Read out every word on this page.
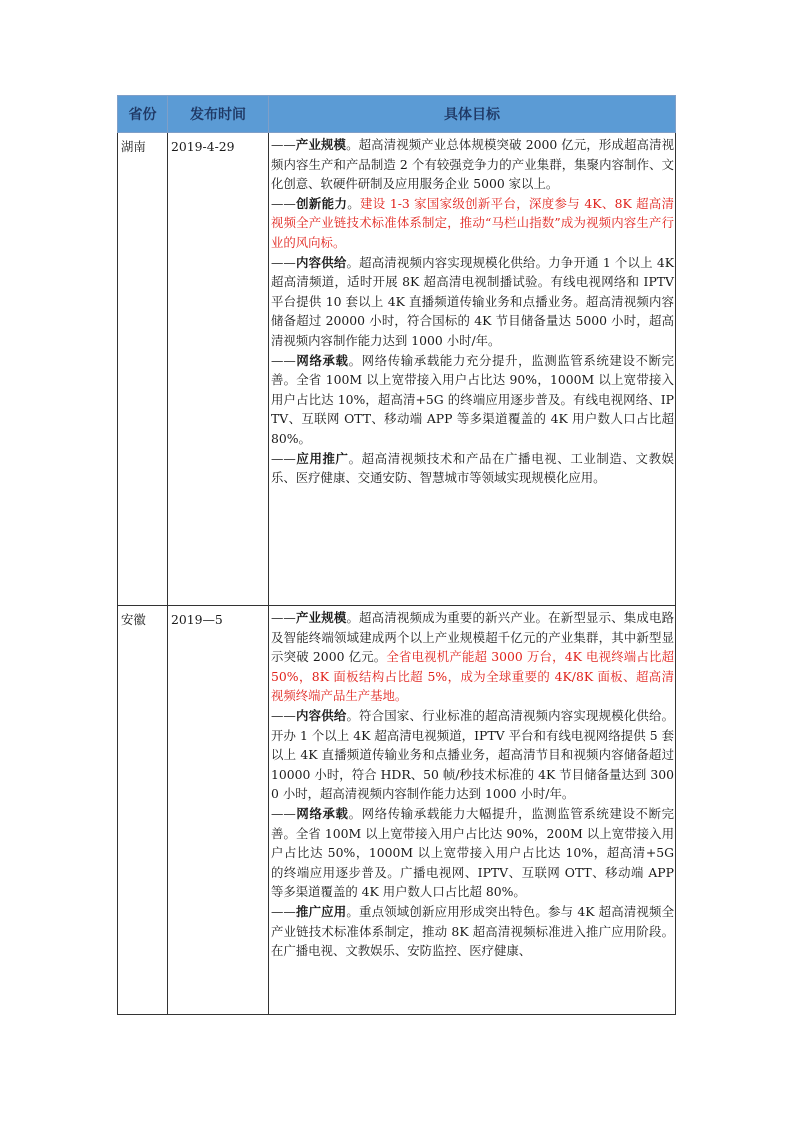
省份	发布时间	具体目标
湖南	2019-4-29	——产业规模。超高清视频产业总体规模突破 2000 亿元，形成超高清视频内容生产和产品制造 2 个有较强竞争力的产业集群，集聚内容制作、文化创意、软硬件研制及应用服务企业 5000 家以上。

——创新能力。建设 1-3 家国家级创新平台，深度参与 4K、8K 超高清视频全产业链技术标准体系制定，推动“马栏山指数”成为视频内容生产行业的风向标。

——内容供给。超高清视频内容实现规模化供给。力争开通 1 个以上 4K 超高清频道，适时开展 8K 超高清电视制播试验。有线电视网络和 IPTV 平台提供 10 套以上 4K 直播频道传输业务和点播业务。超高清视频内容储备超过 20000 小时，符合国标的 4K 节目储备量达 5000 小时，超高清视频内容制作能力达到 1000 小时/年。

——网络承载。网络传输承载能力充分提升，监测监管系统建设不断完善。全省 100M 以上宽带接入用户占比达 90%，1000M 以上宽带接入用户占比达 10%，超高清+5G 的终端应用逐步普及。有线电视网络、IPTV、互联网 OTT、移动端 APP 等多渠道覆盖的 4K 用户数人口占比超 80%。

——应用推广。超高清视频技术和产品在广播电视、工业制造、文教娱乐、医疗健康、交通安防、智慧城市等领域实现规模化应用。

安徽	2019—5	——产业规模。超高清视频成为重要的新兴产业。在新型显示、集成电路及智能终端领域建成两个以上产业规模超千亿元的产业集群，其中新型显示突破 2000 亿元。全省电视机产能超 3000 万台，4K 电视终端占比超 50%，8K 面板结构占比超 5%，成为全球重要的 4K/8K 面板、超高清视频终端产品生产基地。

——内容供给。符合国家、行业标准的超高清视频内容实现规模化供给。开办 1 个以上 4K 超高清电视频道，IPTV 平台和有线电视网络提供 5 套以上 4K 直播频道传输业务和点播业务，超高清节目和视频内容储备超过 10000 小时，符合 HDR、50 帧/秒技术标准的 4K 节目储备量达到 3000 小时，超高清视频内容制作能力达到 1000 小时/年。

——网络承载。网络传输承载能力大幅提升，监测监管系统建设不断完善。全省 100M 以上宽带接入用户占比达 90%，200M 以上宽带接入用户占比达 50%，1000M 以上宽带接入用户占比达 10%，超高清+5G 的终端应用逐步普及。广播电视网、IPTV、互联网 OTT、移动端 APP 等多渠道覆盖的 4K 用户数人口占比超 80%。

——推广应用。重点领域创新应用形成突出特色。参与 4K 超高清视频全产业链技术标准体系制定，推动 8K 超高清视频标准进入推广应用阶段。在广播电视、文教娱乐、安防监控、医疗健康、
